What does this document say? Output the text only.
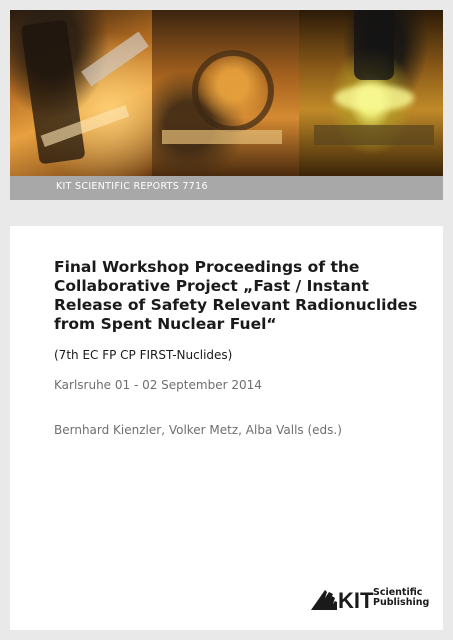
KIT SCIENTIFIC REPORTS 7716
Final Workshop Proceedings of the
Collaborative Project „Fast / Instant
Release of Safety Relevant Radionuclides
from Spent Nuclear Fuel“
(7th EC FP CP FIRST-Nuclides)
Karlsruhe 01 - 02 September 2014
Bernhard Kienzler, Volker Metz, Alba Valls (eds.)
KIT Scientific
Publishing
